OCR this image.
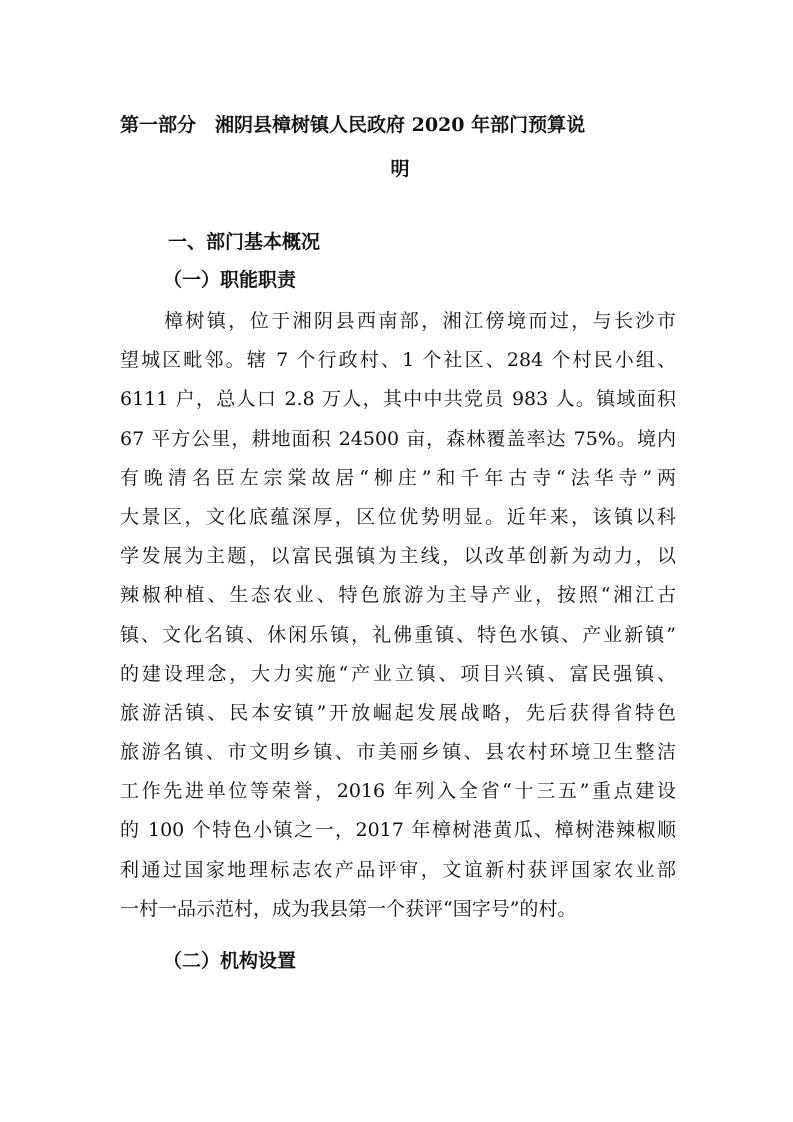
第一部分　湘阴县樟树镇人民政府 2020 年部门预算说
明
一、部门基本概况
（一）职能职责
樟树镇，位于湘阴县西南部，湘江傍境而过，与长沙市
望城区毗邻。辖 7 个行政村、1 个社区、284 个村民小组、
6111 户，总人口 2.8 万人，其中中共党员 983 人。镇域面积
67 平方公里，耕地面积 24500 亩，森林覆盖率达 75%。境内
有晚清名臣左宗棠故居“柳庄”和千年古寺“法华寺”两
大景区，文化底蕴深厚，区位优势明显。近年来，该镇以科
学发展为主题，以富民强镇为主线，以改革创新为动力，以
辣椒种植、生态农业、特色旅游为主导产业，按照“湘江古
镇、文化名镇、休闲乐镇，礼佛重镇、特色水镇、产业新镇”
的建设理念，大力实施“产业立镇、项目兴镇、富民强镇、
旅游活镇、民本安镇”开放崛起发展战略，先后获得省特色
旅游名镇、市文明乡镇、市美丽乡镇、县农村环境卫生整洁
工作先进单位等荣誉，2016 年列入全省“十三五”重点建设
的 100 个特色小镇之一，2017 年樟树港黄瓜、樟树港辣椒顺
利通过国家地理标志农产品评审，文谊新村获评国家农业部
一村一品示范村，成为我县第一个获评“国字号”的村。
（二）机构设置
